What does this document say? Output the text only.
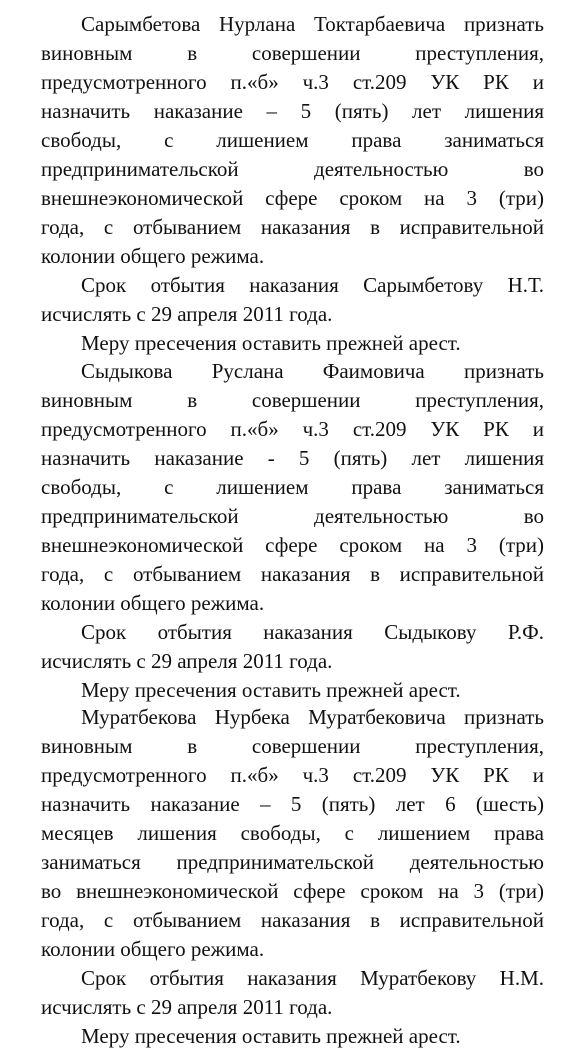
Сарымбетова Нурлана Токтарбаевича признать
виновным в совершении преступления,
предусмотренного п.«б» ч.3 ст.209 УК РК и
назначить наказание – 5 (пять) лет лишения
свободы, с лишением права заниматься
предпринимательской деятельностью во
внешнеэкономической сфере сроком на 3 (три)
года, с отбыванием наказания в исправительной
колонии общего режима.
Срок отбытия наказания Сарымбетову Н.Т.
исчислять с 29 апреля 2011 года.
Меру пресечения оставить прежней арест.
Сыдыкова Руслана Фаимовича признать
виновным в совершении преступления,
предусмотренного п.«б» ч.3 ст.209 УК РК и
назначить наказание - 5 (пять) лет лишения
свободы, с лишением права заниматься
предпринимательской деятельностью во
внешнеэкономической сфере сроком на 3 (три)
года, с отбыванием наказания в исправительной
колонии общего режима.
Срок отбытия наказания Сыдыкову Р.Ф.
исчислять с 29 апреля 2011 года.
Меру пресечения оставить прежней арест.
Муратбекова Нурбека Муратбековича признать
виновным в совершении преступления,
предусмотренного п.«б» ч.3 ст.209 УК РК и
назначить наказание – 5 (пять) лет 6 (шесть)
месяцев лишения свободы, с лишением права
заниматься предпринимательской деятельностью
во внешнеэкономической сфере сроком на 3 (три)
года, с отбыванием наказания в исправительной
колонии общего режима.
Срок отбытия наказания Муратбекову Н.М.
исчислять с 29 апреля 2011 года.
Меру пресечения оставить прежней арест.
